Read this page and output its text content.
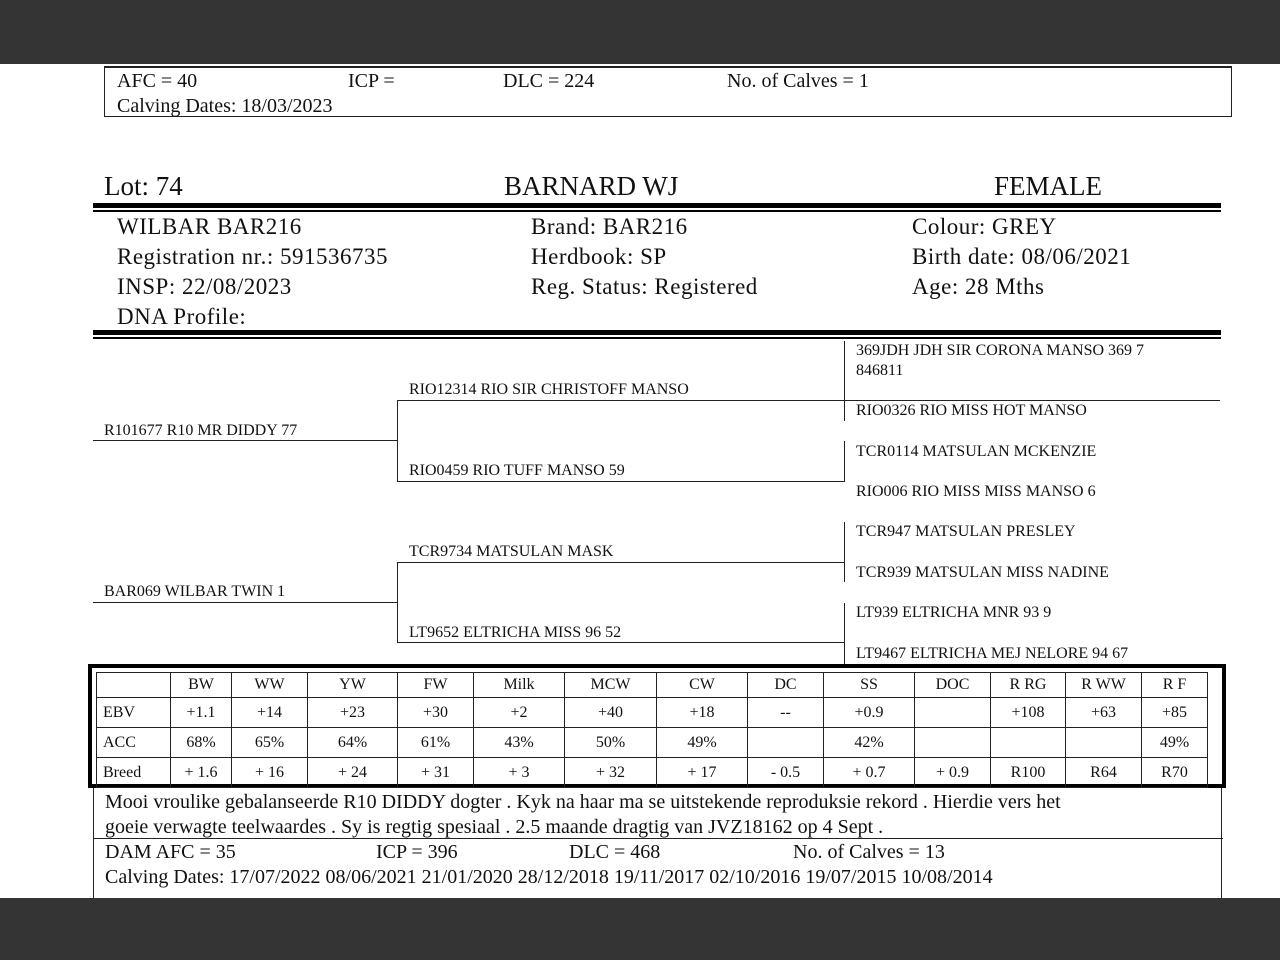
AFC = 40	ICP =	DLC = 224	No. of Calves = 1
Calving Dates: 18/03/2023
Lot: 74	BARNARD WJ	FEMALE
WILBAR BAR216
Registration nr.: 591536735
INSP: 22/08/2023
DNA Profile:
Brand: BAR216
Herdbook: SP
Reg. Status: Registered
Colour: GREY
Birth date: 08/06/2021
Age: 28 Mths
R101677 R10 MR DIDDY 77
BAR069 WILBAR TWIN 1
RIO12314 RIO SIR CHRISTOFF MANSO
RIO0459 RIO TUFF MANSO 59
TCR9734 MATSULAN MASK
LT9652 ELTRICHA MISS 96 52
369JDH JDH SIR CORONA MANSO 369 7
846811
RIO0326 RIO MISS HOT MANSO
TCR0114 MATSULAN MCKENZIE
RIO006 RIO MISS MISS MANSO 6
TCR947 MATSULAN PRESLEY
TCR939 MATSULAN MISS NADINE
LT939 ELTRICHA MNR 93 9
LT9467 ELTRICHA MEJ NELORE 94 67
	BW	WW	YW	FW	Milk	MCW	CW	DC	SS	DOC	R RG	R WW	R F
EBV	+1.1	+14	+23	+30	+2	+40	+18	--	+0.9		+108	+63	+85
ACC	68%	65%	64%	61%	43%	50%	49%		42%				49%
Breed	+ 1.6	+ 16	+ 24	+ 31	+ 3	+ 32	+ 17	- 0.5	+ 0.7	+ 0.9	R100	R64	R70
Mooi vroulike gebalanseerde R10 DIDDY dogter . Kyk na haar ma se uitstekende reproduksie rekord . Hierdie vers het
goeie verwagte teelwaardes . Sy is regtig spesiaal . 2.5 maande dragtig van JVZ18162 op 4 Sept .
DAM AFC = 35	ICP = 396	DLC = 468	No. of Calves = 13
Calving Dates: 17/07/2022 08/06/2021 21/01/2020 28/12/2018 19/11/2017 02/10/2016 19/07/2015 10/08/2014
